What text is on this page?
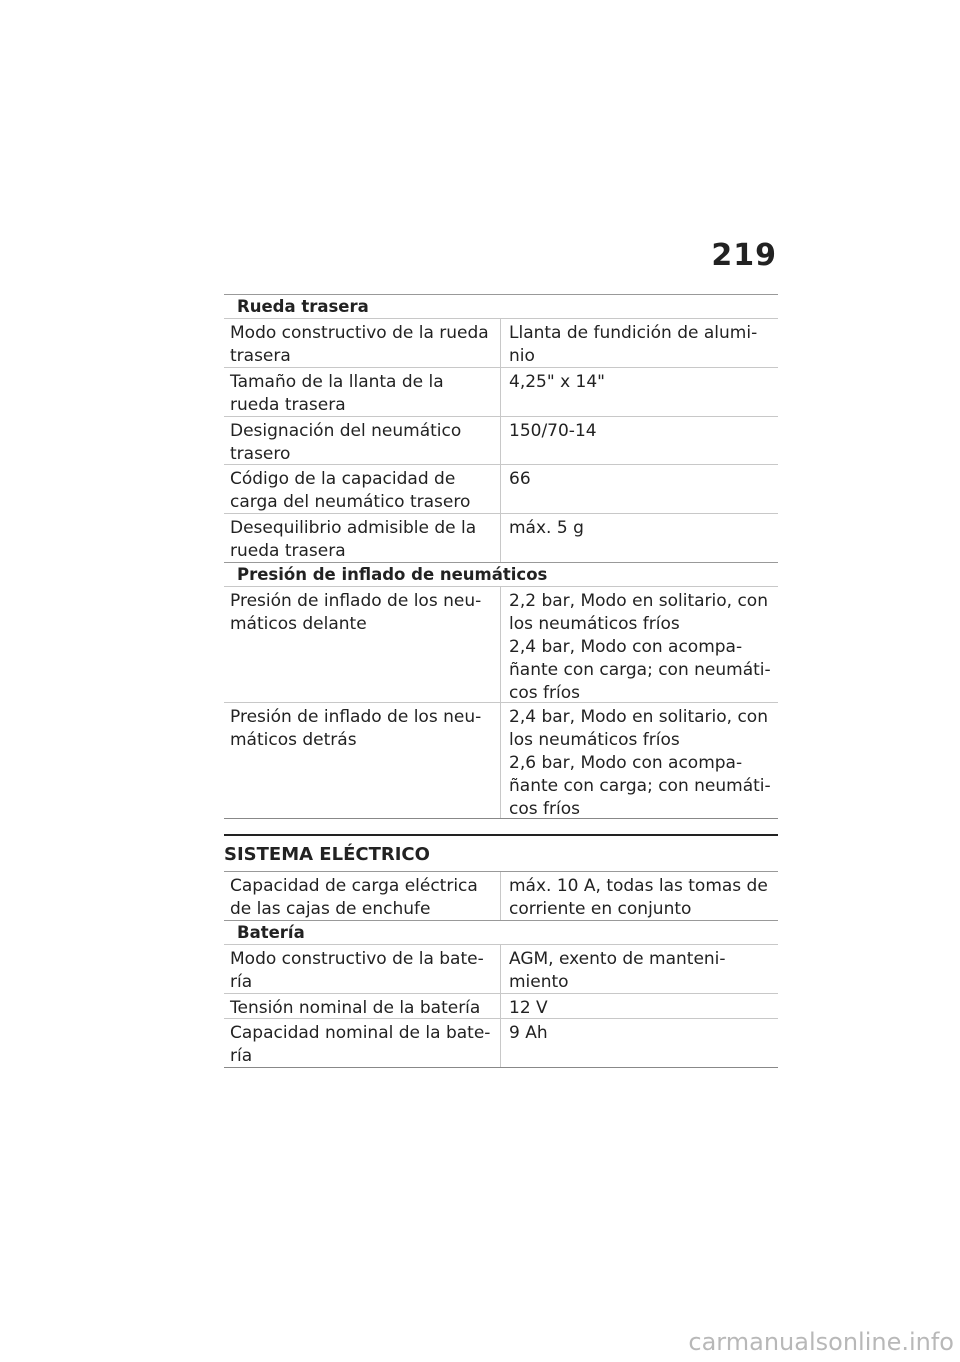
219
Rueda trasera
Modo constructivo de la rueda trasera
Llanta de fundición de alumi-
nio
Tamaño de la llanta de la rueda trasera
4,25" x 14"
Designación del neumático trasero
150/70-14
Código de la capacidad de carga del neumático trasero
66
Desequilibrio admisible de la rueda trasera
máx. 5 g
Presión de inflado de neumáticos
Presión de inflado de los neu-máticos delante
2,2 bar, Modo en solitario, con
los neumáticos fríos
2,4 bar, Modo con acompa-
ñante con carga; con neumáti-
cos fríos
Presión de inflado de los neu-máticos detrás
2,4 bar, Modo en solitario, con
los neumáticos fríos
2,6 bar, Modo con acompa-
ñante con carga; con neumáti-
cos fríos
SISTEMA ELÉCTRICO
Capacidad de carga eléctrica de las cajas de enchufe
máx. 10 A, todas las tomas de
corriente en conjunto
Batería
Modo constructivo de la bate-ría
AGM, exento de manteni-
miento
Tensión nominal de la batería	12 V
Capacidad nominal de la bate-ría
9 Ah
carmanualsonline.info
